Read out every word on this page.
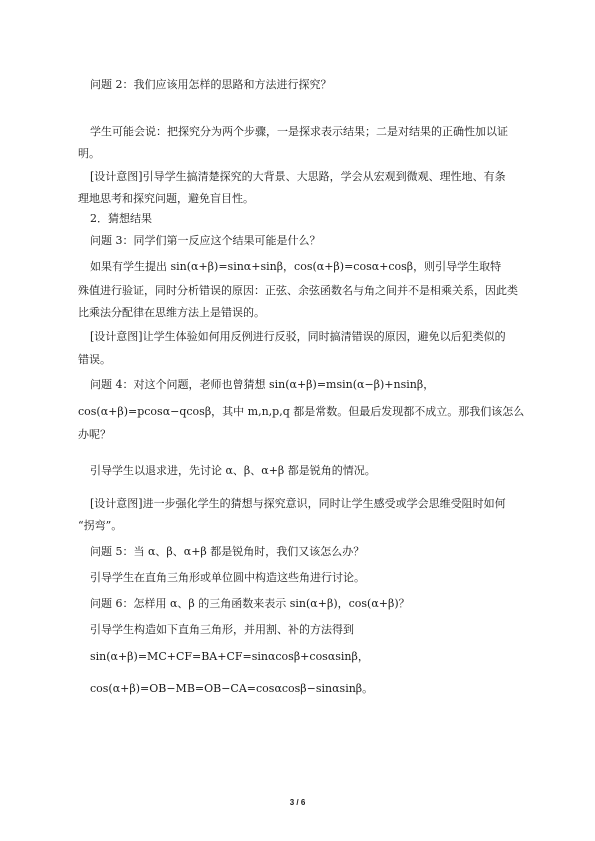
问题 2：我们应该用怎样的思路和方法进行探究？
学生可能会说：把探究分为两个步骤，一是探求表示结果；二是对结果的正确性加以证
明。
[设计意图]引导学生搞清楚探究的大背景、大思路，学会从宏观到微观、理性地、有条
理地思考和探究问题，避免盲目性。
2．猜想结果
问题 3：同学们第一反应这个结果可能是什么？
如果有学生提出 sin(α+β)=sinα+sinβ，cos(α+β)=cosα+cosβ，则引导学生取特
殊值进行验证，同时分析错误的原因：正弦、余弦函数名与角之间并不是相乘关系，因此类
比乘法分配律在思维方法上是错误的。
[设计意图]让学生体验如何用反例进行反驳，同时搞清错误的原因，避免以后犯类似的
错误。
问题 4：对这个问题，老师也曾猜想 sin(α+β)=msin(α−β)+nsinβ，
cos(α+β)=pcosα−qcosβ，其中 m,n,p,q 都是常数。但最后发现都不成立。那我们该怎么
办呢？
引导学生以退求进，先讨论 α、β、α+β 都是锐角的情况。
[设计意图]进一步强化学生的猜想与探究意识，同时让学生感受或学会思维受阻时如何
“拐弯”。
问题 5：当 α、β、α+β 都是锐角时，我们又该怎么办？
引导学生在直角三角形或单位圆中构造这些角进行讨论。
问题 6：怎样用 α、β 的三角函数来表示 sin(α+β)，cos(α+β)？
引导学生构造如下直角三角形，并用割、补的方法得到
sin(α+β)=MC+CF=BA+CF=sinαcosβ+cosαsinβ，
cos(α+β)=OB−MB=OB−CA=cosαcosβ−sinαsinβ。
3 / 6
